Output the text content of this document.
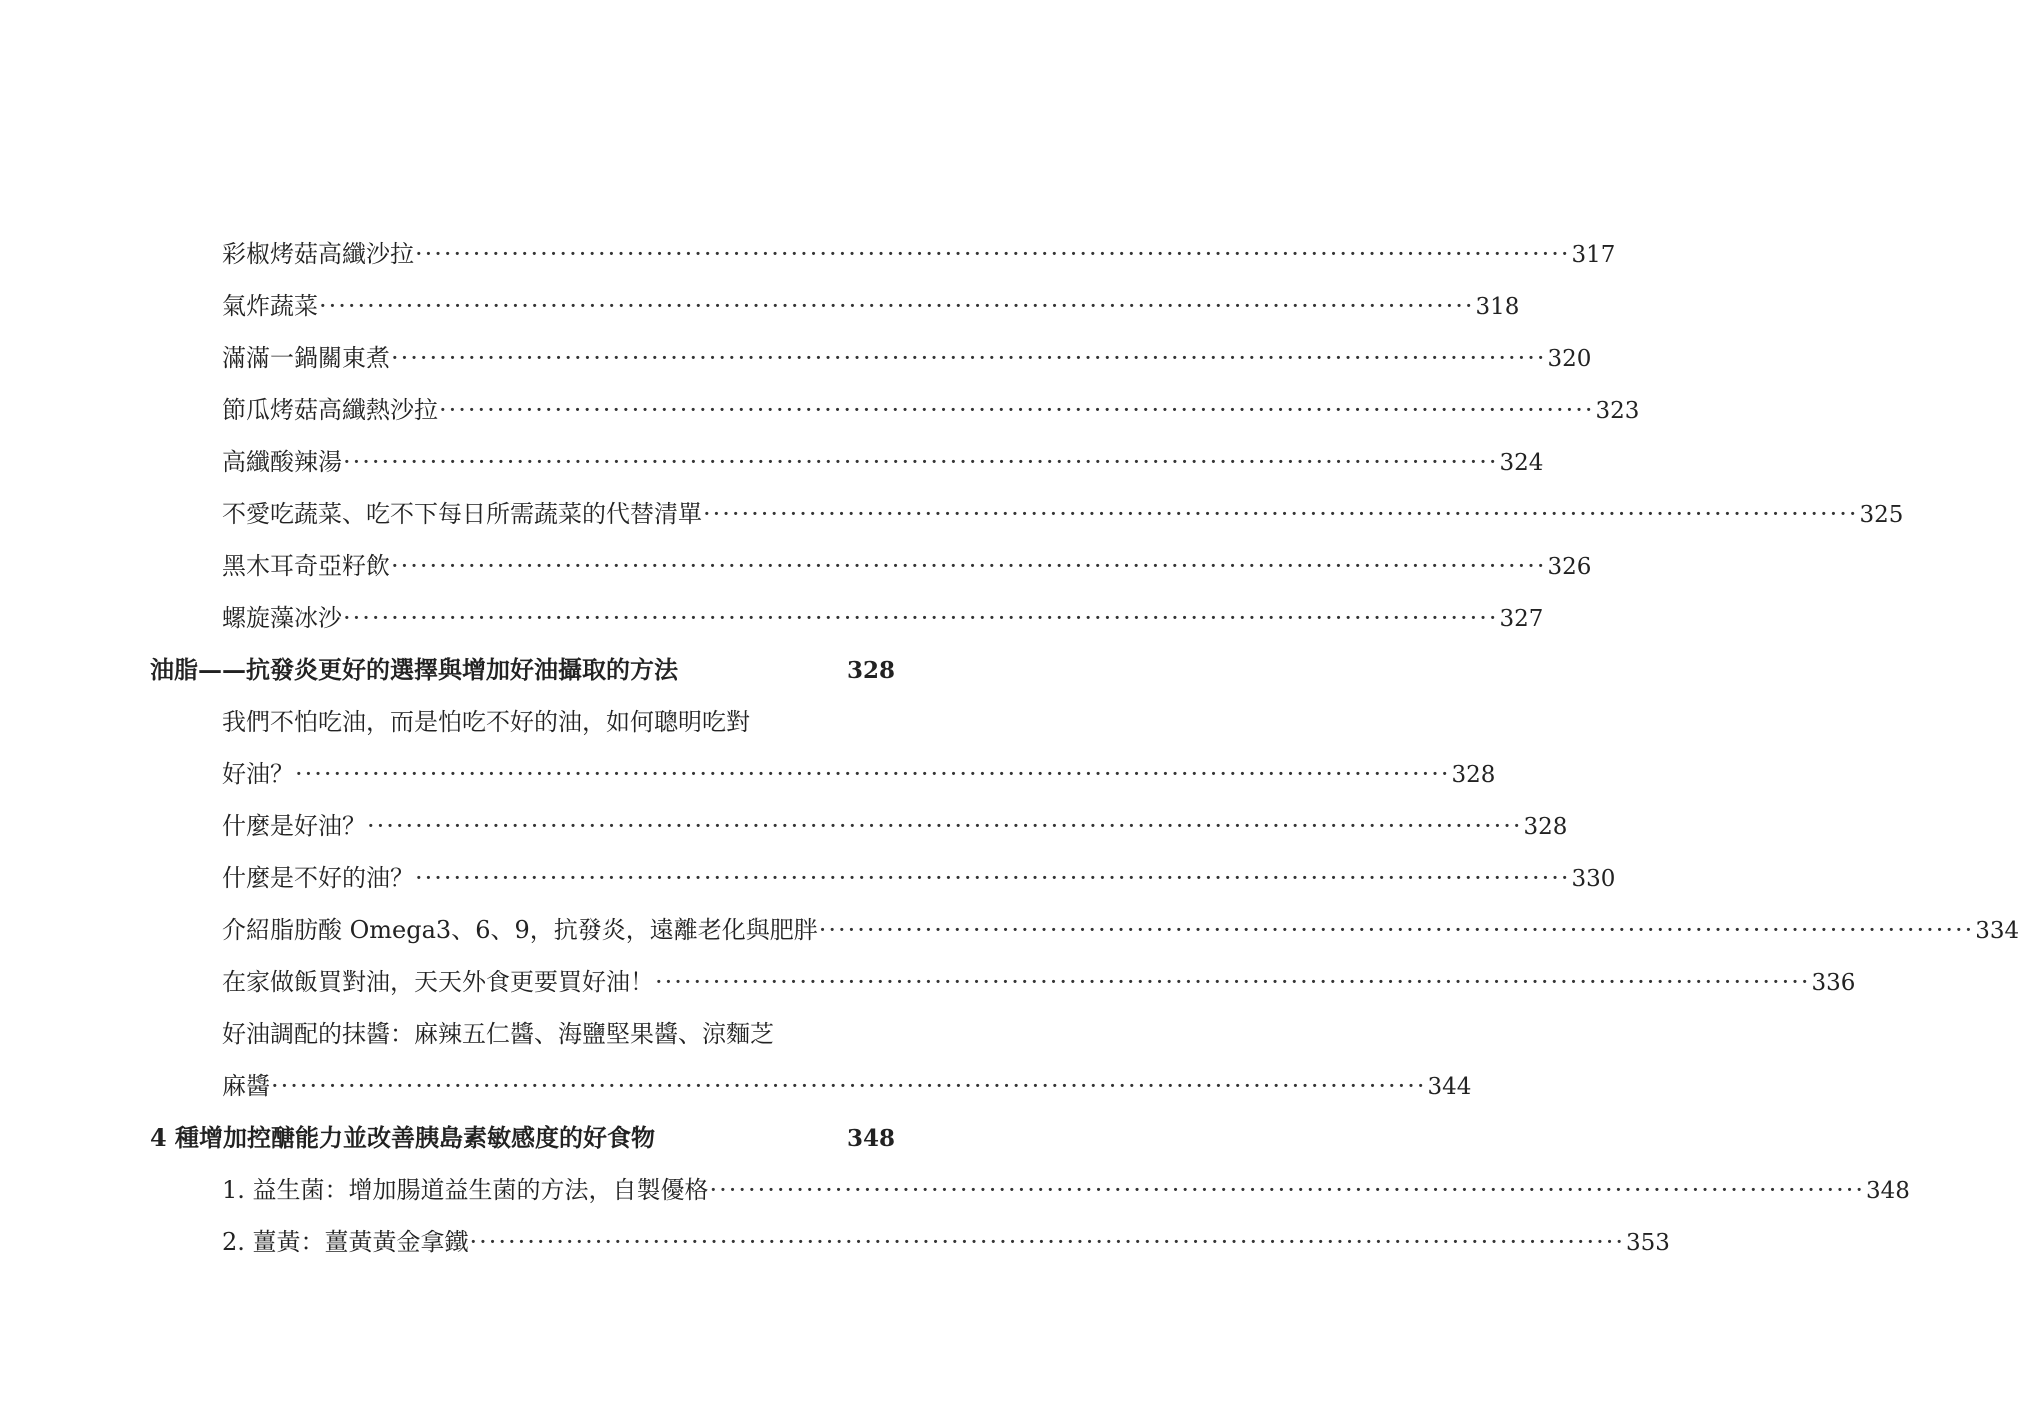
彩椒烤菇高纖沙拉 ························································································································ 317
氣炸蔬菜 ························································································································ 318
滿滿一鍋關東煮 ························································································································ 320
節瓜烤菇高纖熱沙拉 ························································································································ 323
高纖酸辣湯 ························································································································ 324
不愛吃蔬菜、吃不下每日所需蔬菜的代替清單 ························································································································ 325
黑木耳奇亞籽飲 ························································································································ 326
螺旋藻冰沙 ························································································································ 327
油脂——抗發炎更好的選擇與增加好油攝取的方法	328
我們不怕吃油，而是怕吃不好的油，如何聰明吃對
好油？ ························································································································ 328
什麼是好油？ ························································································································ 328
什麼是不好的油？ ························································································································ 330
介紹脂肪酸 Omega3、6、9，抗發炎，遠離老化與肥胖 ························································································································ 334
在家做飯買對油，天天外食更要買好油！ ························································································································ 336
好油調配的抹醬：麻辣五仁醬、海鹽堅果醬、涼麵芝
麻醬 ························································································································ 344
4 種增加控醣能力並改善胰島素敏感度的好食物	348
1. 益生菌：增加腸道益生菌的方法，自製優格 ························································································································ 348
2. 薑黃：薑黃黃金拿鐵 ························································································································ 353
